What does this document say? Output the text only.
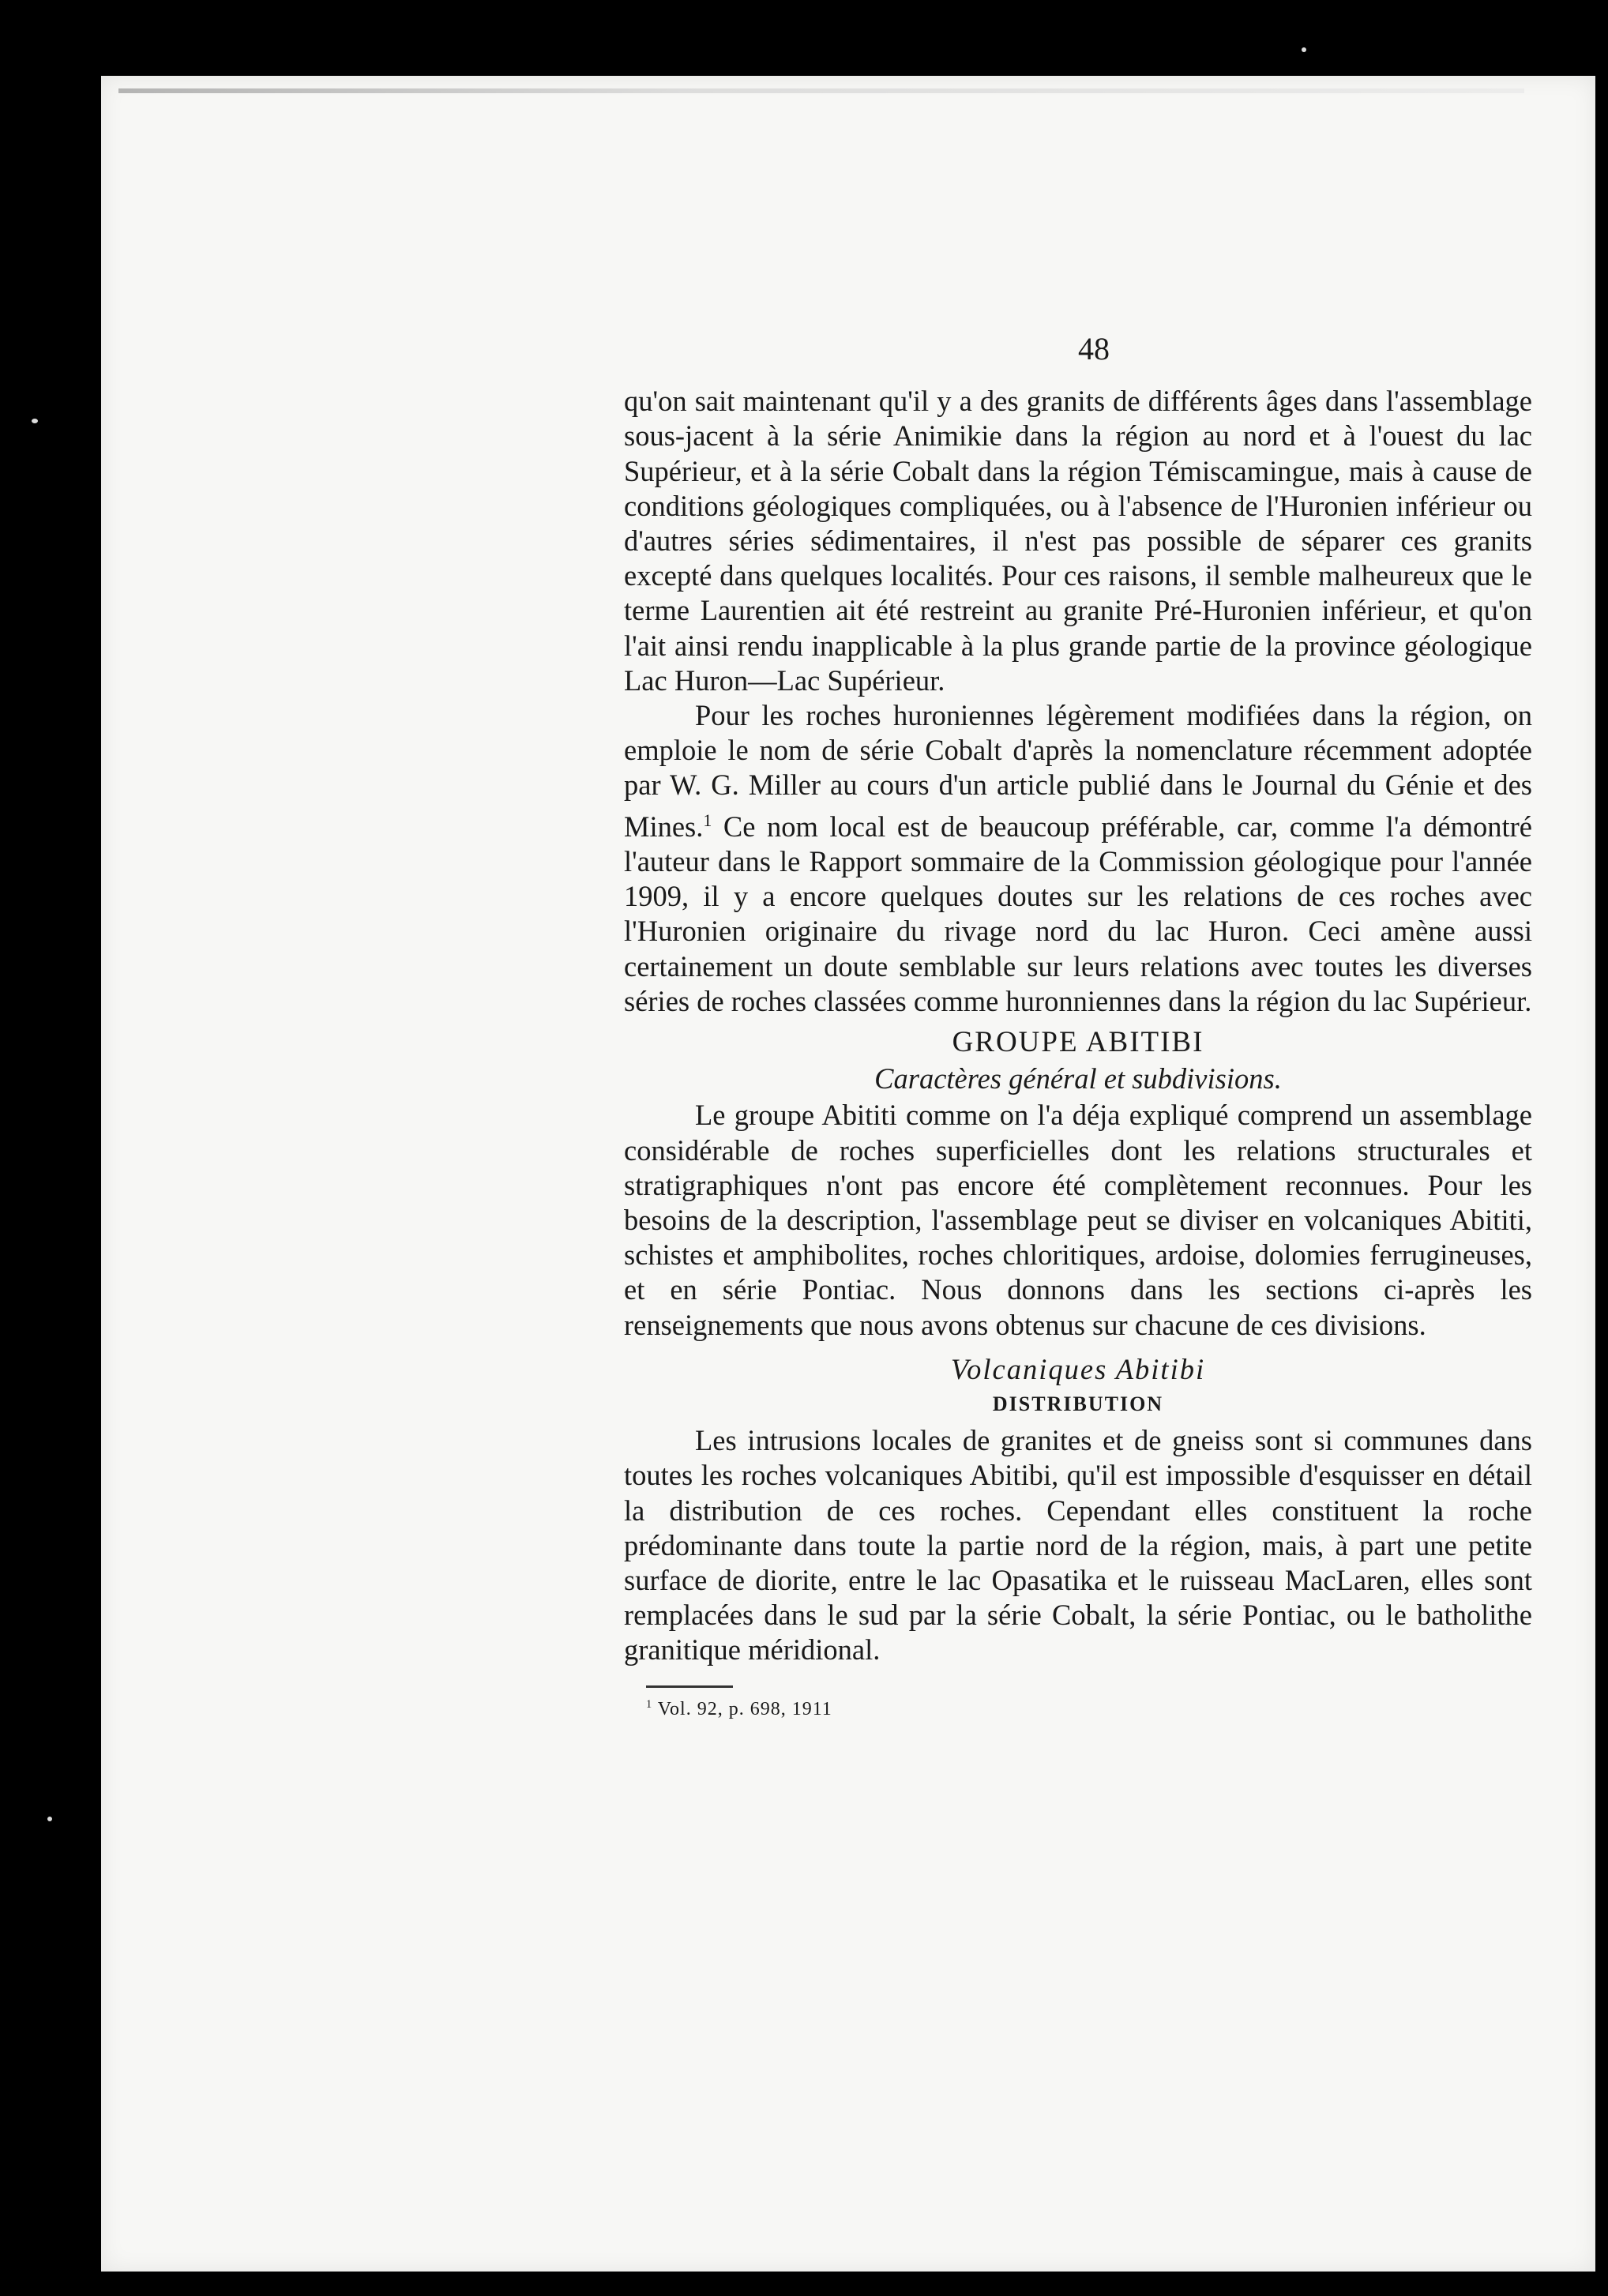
48

qu'on sait maintenant qu'il y a des granits de différents âges dans l'assemblage sous-jacent à la série Animikie dans la région au nord et à l'ouest du lac Supérieur, et à la série Cobalt dans la région Témiscamingue, mais à cause de conditions géologiques compliquées, ou à l'absence de l'Huronien inférieur ou d'autres séries sédimentaires, il n'est pas possible de séparer ces granits excepté dans quelques localités. Pour ces raisons, il semble malheureux que le terme Laurentien ait été restreint au granite Pré-Huronien inférieur, et qu'on l'ait ainsi rendu inapplicable à la plus grande partie de la province géologique Lac Huron—Lac Supérieur.

Pour les roches huroniennes légèrement modifiées dans la région, on emploie le nom de série Cobalt d'après la nomenclature récemment adoptée par W. G. Miller au cours d'un article publié dans le Journal du Génie et des Mines.$^1$ Ce nom local est de beaucoup préférable, car, comme l'a démontré l'auteur dans le Rapport sommaire de la Commission géologique pour l'année 1909, il y a encore quelques doutes sur les relations de ces roches avec l'Huronien originaire du rivage nord du lac Huron. Ceci amène aussi certainement un doute semblable sur leurs relations avec toutes les diverses séries de roches classées comme huronniennes dans la région du lac Supérieur.

GROUPE ABITIBI
Caractères général et subdivisions.

Le groupe Abititi comme on l'a déja expliqué comprend un assemblage considérable de roches superficielles dont les relations structurales et stratigraphiques n'ont pas encore été complètement reconnues. Pour les besoins de la description, l'assemblage peut se diviser en volcaniques Abititi, schistes et amphibolites, roches chloritiques, ardoise, dolomies ferrugineuses, et en série Pontiac. Nous donnons dans les sections ci-après les renseignements que nous avons obtenus sur chacune de ces divisions.

Volcaniques Abitibi
DISTRIBUTION

Les intrusions locales de granites et de gneiss sont si communes dans toutes les roches volcaniques Abitibi, qu'il est impossible d'esquisser en détail la distribution de ces roches. Cependant elles constituent la roche prédominante dans toute la partie nord de la région, mais, à part une petite surface de diorite, entre le lac Opasatika et le ruisseau MacLaren, elles sont remplacées dans le sud par la série Cobalt, la série Pontiac, ou le batholithe granitique méridional.

$^1$ Vol. 92, p. 698, 1911
